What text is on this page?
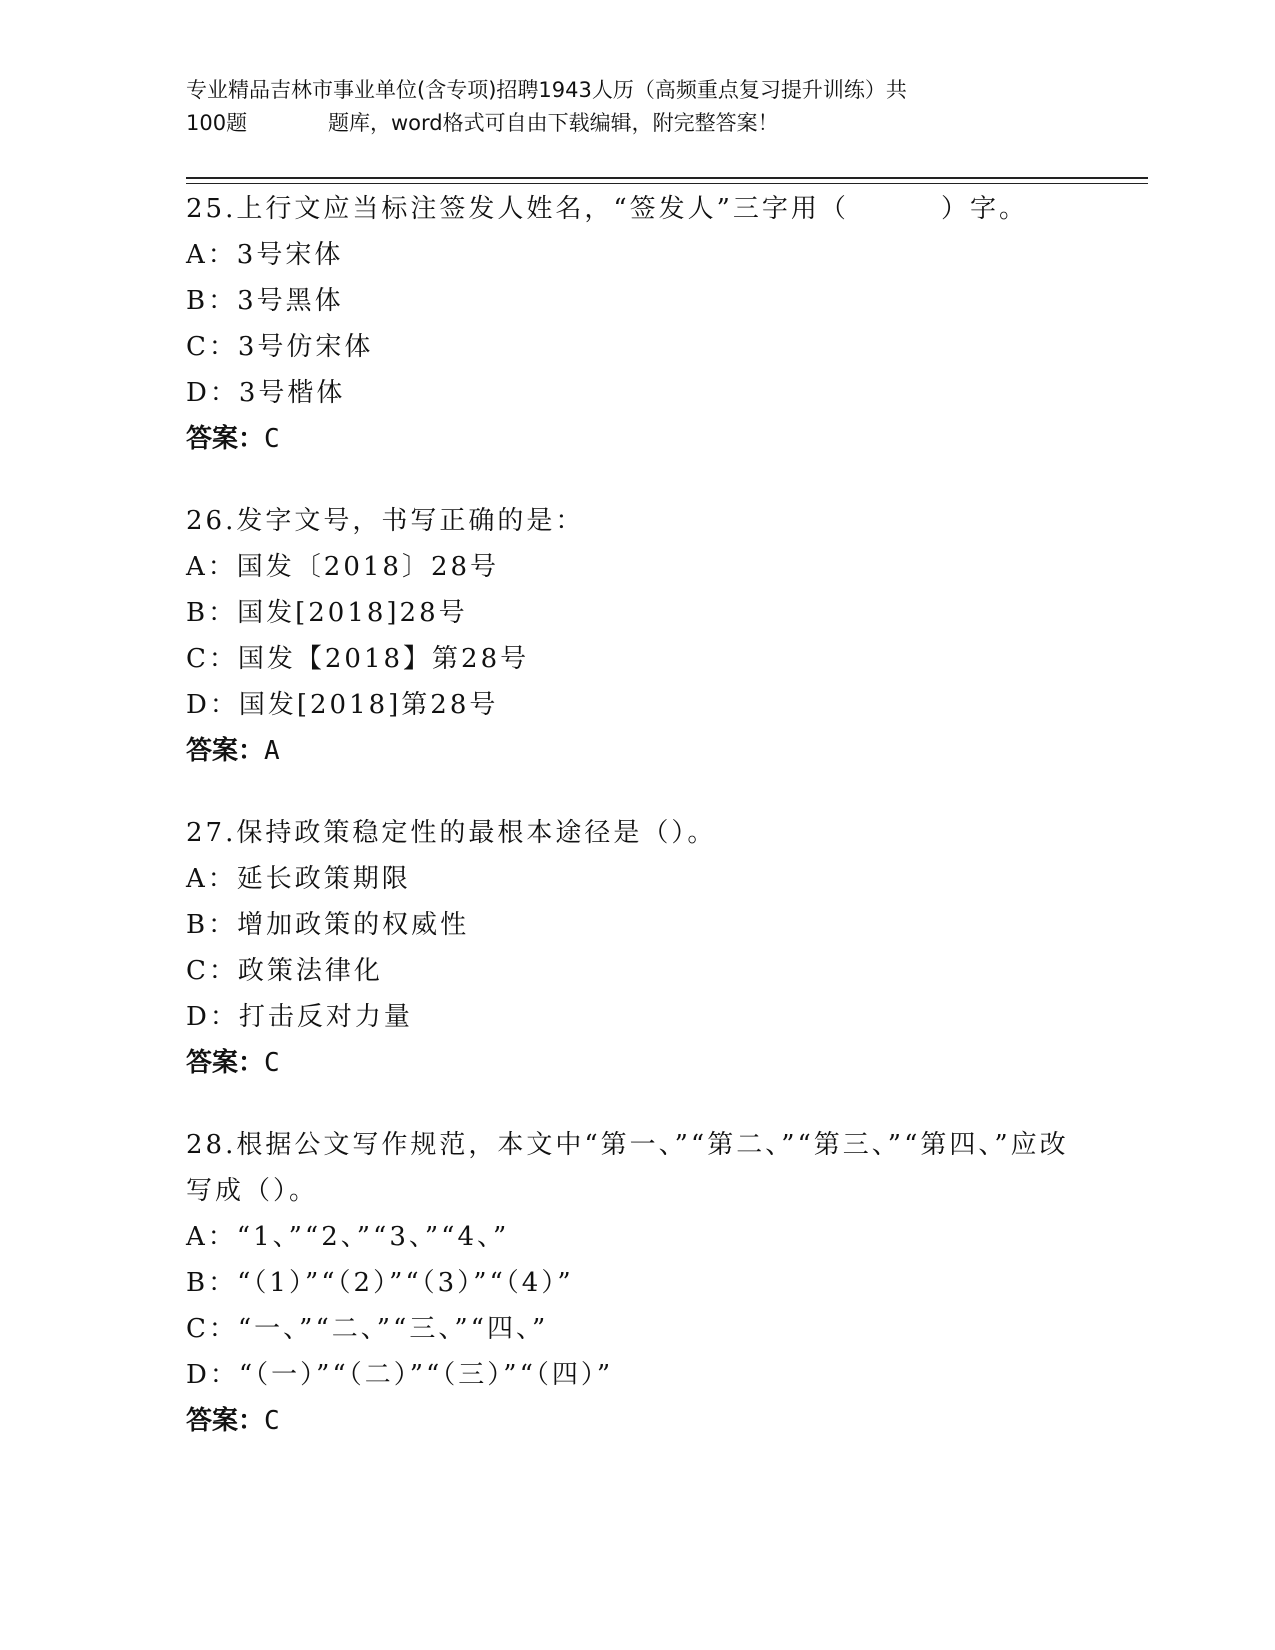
专业精品吉林市事业单位(含专项)招聘1943人历（高频重点复习提升训练）共
100题	题库，word格式可自由下载编辑，附完整答案！

25.上行文应当标注签发人姓名，“签发人”三字用（	）字。

A：3号宋体

B：3号黑体

C：3号仿宋体

D：3号楷体

答案：C

26.发字文号，书写正确的是：

A：国发〔2018〕28号

B：国发[2018]28号

C：国发【2018】第28号

D：国发[2018]第28号

答案：A

27.保持政策稳定性的最根本途径是（）。

A：延长政策期限

B：增加政策的权威性

C：政策法律化

D：打击反对力量

答案：C

28.根据公文写作规范，本文中“第一、”“第二、”“第三、”“第四、”应改写成（）。

A：“1、”“2、”“3、”“4、”

B：“（1）”“（2）”“（3）”“（4）”

C：“一、”“二、”“三、”“四、”

D：“（一）”“（二）”“（三）”“（四）”

答案：C
